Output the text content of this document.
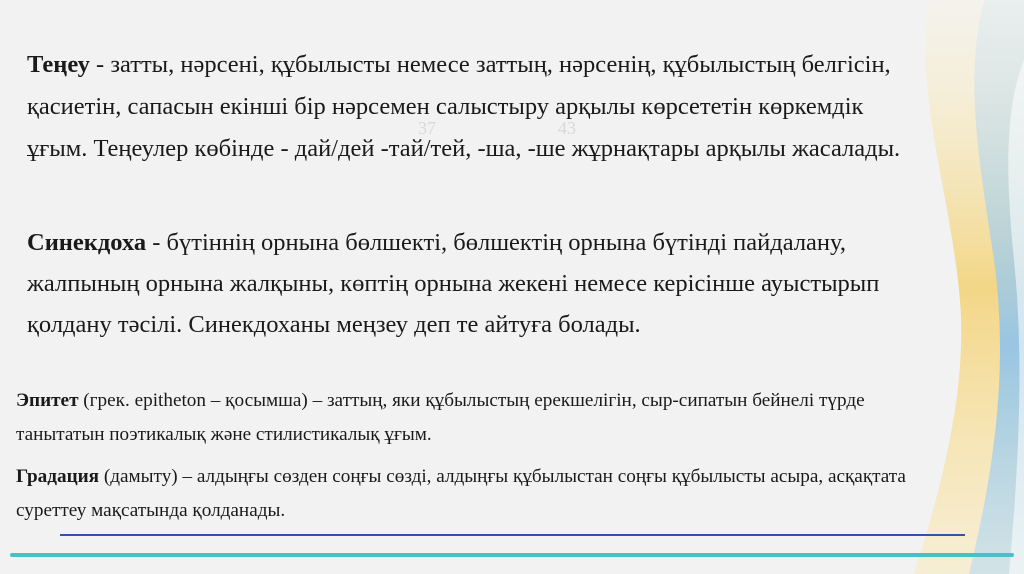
37	43

Теңеу - затты, нәрсені, құбылысты немесе заттың, нәрсенің, құбылыстың белгісін, қасиетін, сапасын екінші бір нәрсемен салыстыру арқылы көрсететін көркемдік ұғым. Теңеулер көбінде - дай/дей -тай/тей, -ша, -ше жұрнақтары арқылы жасалады.

Синекдоха - бүтіннің орнына бөлшекті, бөлшектің орнына бүтінді пайдалану, жалпының орнына жалқыны, көптің орнына жекені немесе керісінше ауыстырып қолдану тәсілі. Синекдоханы меңзеу деп те айтуға болады.

Эпитет (грек. epitheton – қосымша) – заттың, яки құбылыстың ерекшелігін, сыр-сипатын бейнелі түрде танытатын поэтикалық және стилистикалық ұғым.

Градация (дамыту) – алдыңғы сөзден соңғы сөзді, алдыңғы құбылыстан соңғы құбылысты асыра, асқақтата суреттеу мақсатында қолданады.
